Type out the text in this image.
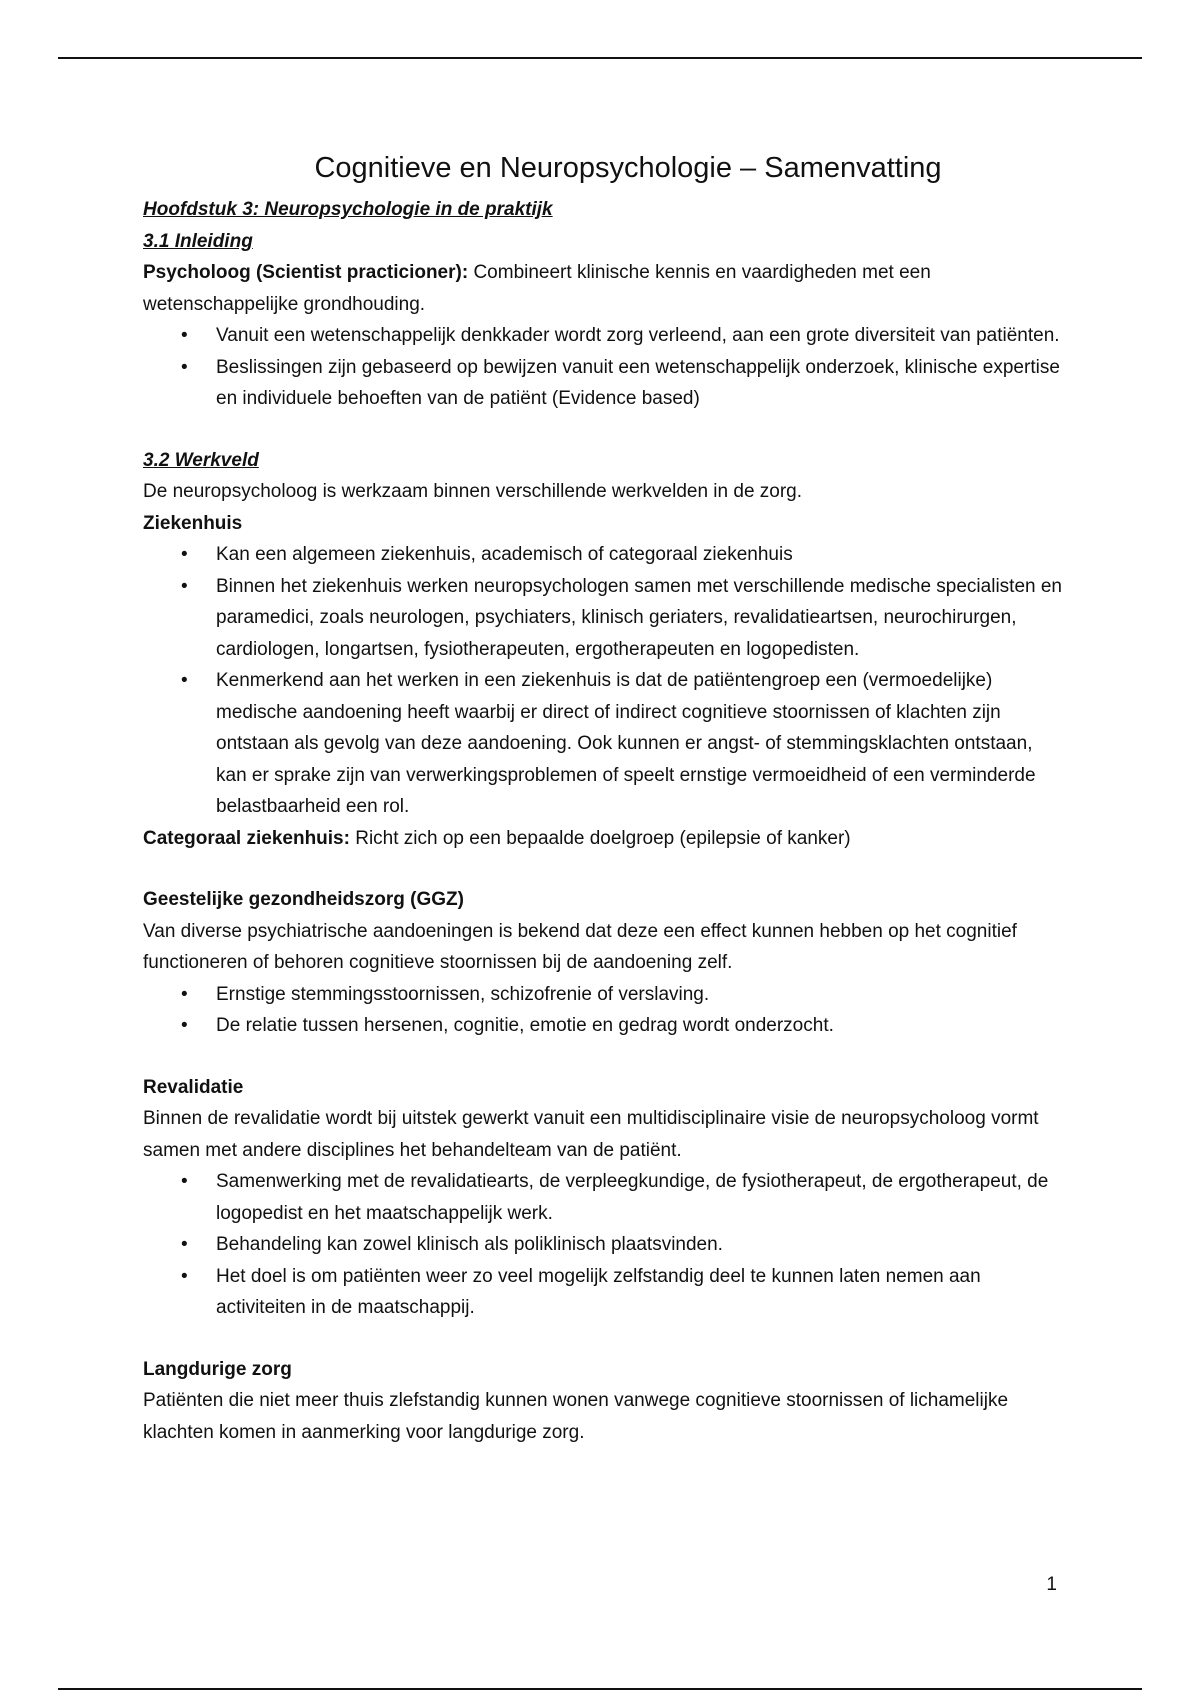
Cognitieve en Neuropsychologie – Samenvatting

Hoofdstuk 3: Neuropsychologie in de praktijk

3.1 Inleiding

Psycholoog (Scientist practicioner): Combineert klinische kennis en vaardigheden met een wetenschappelijke grondhouding.

• Vanuit een wetenschappelijk denkkader wordt zorg verleend, aan een grote diversiteit van patiënten.
• Beslissingen zijn gebaseerd op bewijzen vanuit een wetenschappelijk onderzoek, klinische expertise en individuele behoeften van de patiënt (Evidence based)

3.2 Werkveld

De neuropsycholoog is werkzaam binnen verschillende werkvelden in de zorg.

Ziekenhuis

• Kan een algemeen ziekenhuis, academisch of categoraal ziekenhuis
• Binnen het ziekenhuis werken neuropsychologen samen met verschillende medische specialisten en paramedici, zoals neurologen, psychiaters, klinisch geriaters, revalidatieartsen, neurochirurgen, cardiologen, longartsen, fysiotherapeuten, ergotherapeuten en logopedisten.
• Kenmerkend aan het werken in een ziekenhuis is dat de patiëntengroep een (vermoedelijke) medische aandoening heeft waarbij er direct of indirect cognitieve stoornissen of klachten zijn ontstaan als gevolg van deze aandoening. Ook kunnen er angst- of stemmingsklachten ontstaan, kan er sprake zijn van verwerkingsproblemen of speelt ernstige vermoeidheid of een verminderde belastbaarheid een rol.

Categoraal ziekenhuis: Richt zich op een bepaalde doelgroep (epilepsie of kanker)

Geestelijke gezondheidszorg (GGZ)

Van diverse psychiatrische aandoeningen is bekend dat deze een effect kunnen hebben op het cognitief functioneren of behoren cognitieve stoornissen bij de aandoening zelf.

• Ernstige stemmingsstoornissen, schizofrenie of verslaving.
• De relatie tussen hersenen, cognitie, emotie en gedrag wordt onderzocht.

Revalidatie

Binnen de revalidatie wordt bij uitstek gewerkt vanuit een multidisciplinaire visie de neuropsycholoog vormt samen met andere disciplines het behandelteam van de patiënt.

• Samenwerking met de revalidatiearts, de verpleegkundige, de fysiotherapeut, de ergotherapeut, de logopedist en het maatschappelijk werk.
• Behandeling kan zowel klinisch als poliklinisch plaatsvinden.
• Het doel is om patiënten weer zo veel mogelijk zelfstandig deel te kunnen laten nemen aan activiteiten in de maatschappij.

Langdurige zorg

Patiënten die niet meer thuis zlefstandig kunnen wonen vanwege cognitieve stoornissen of lichamelijke klachten komen in aanmerking voor langdurige zorg.

1
